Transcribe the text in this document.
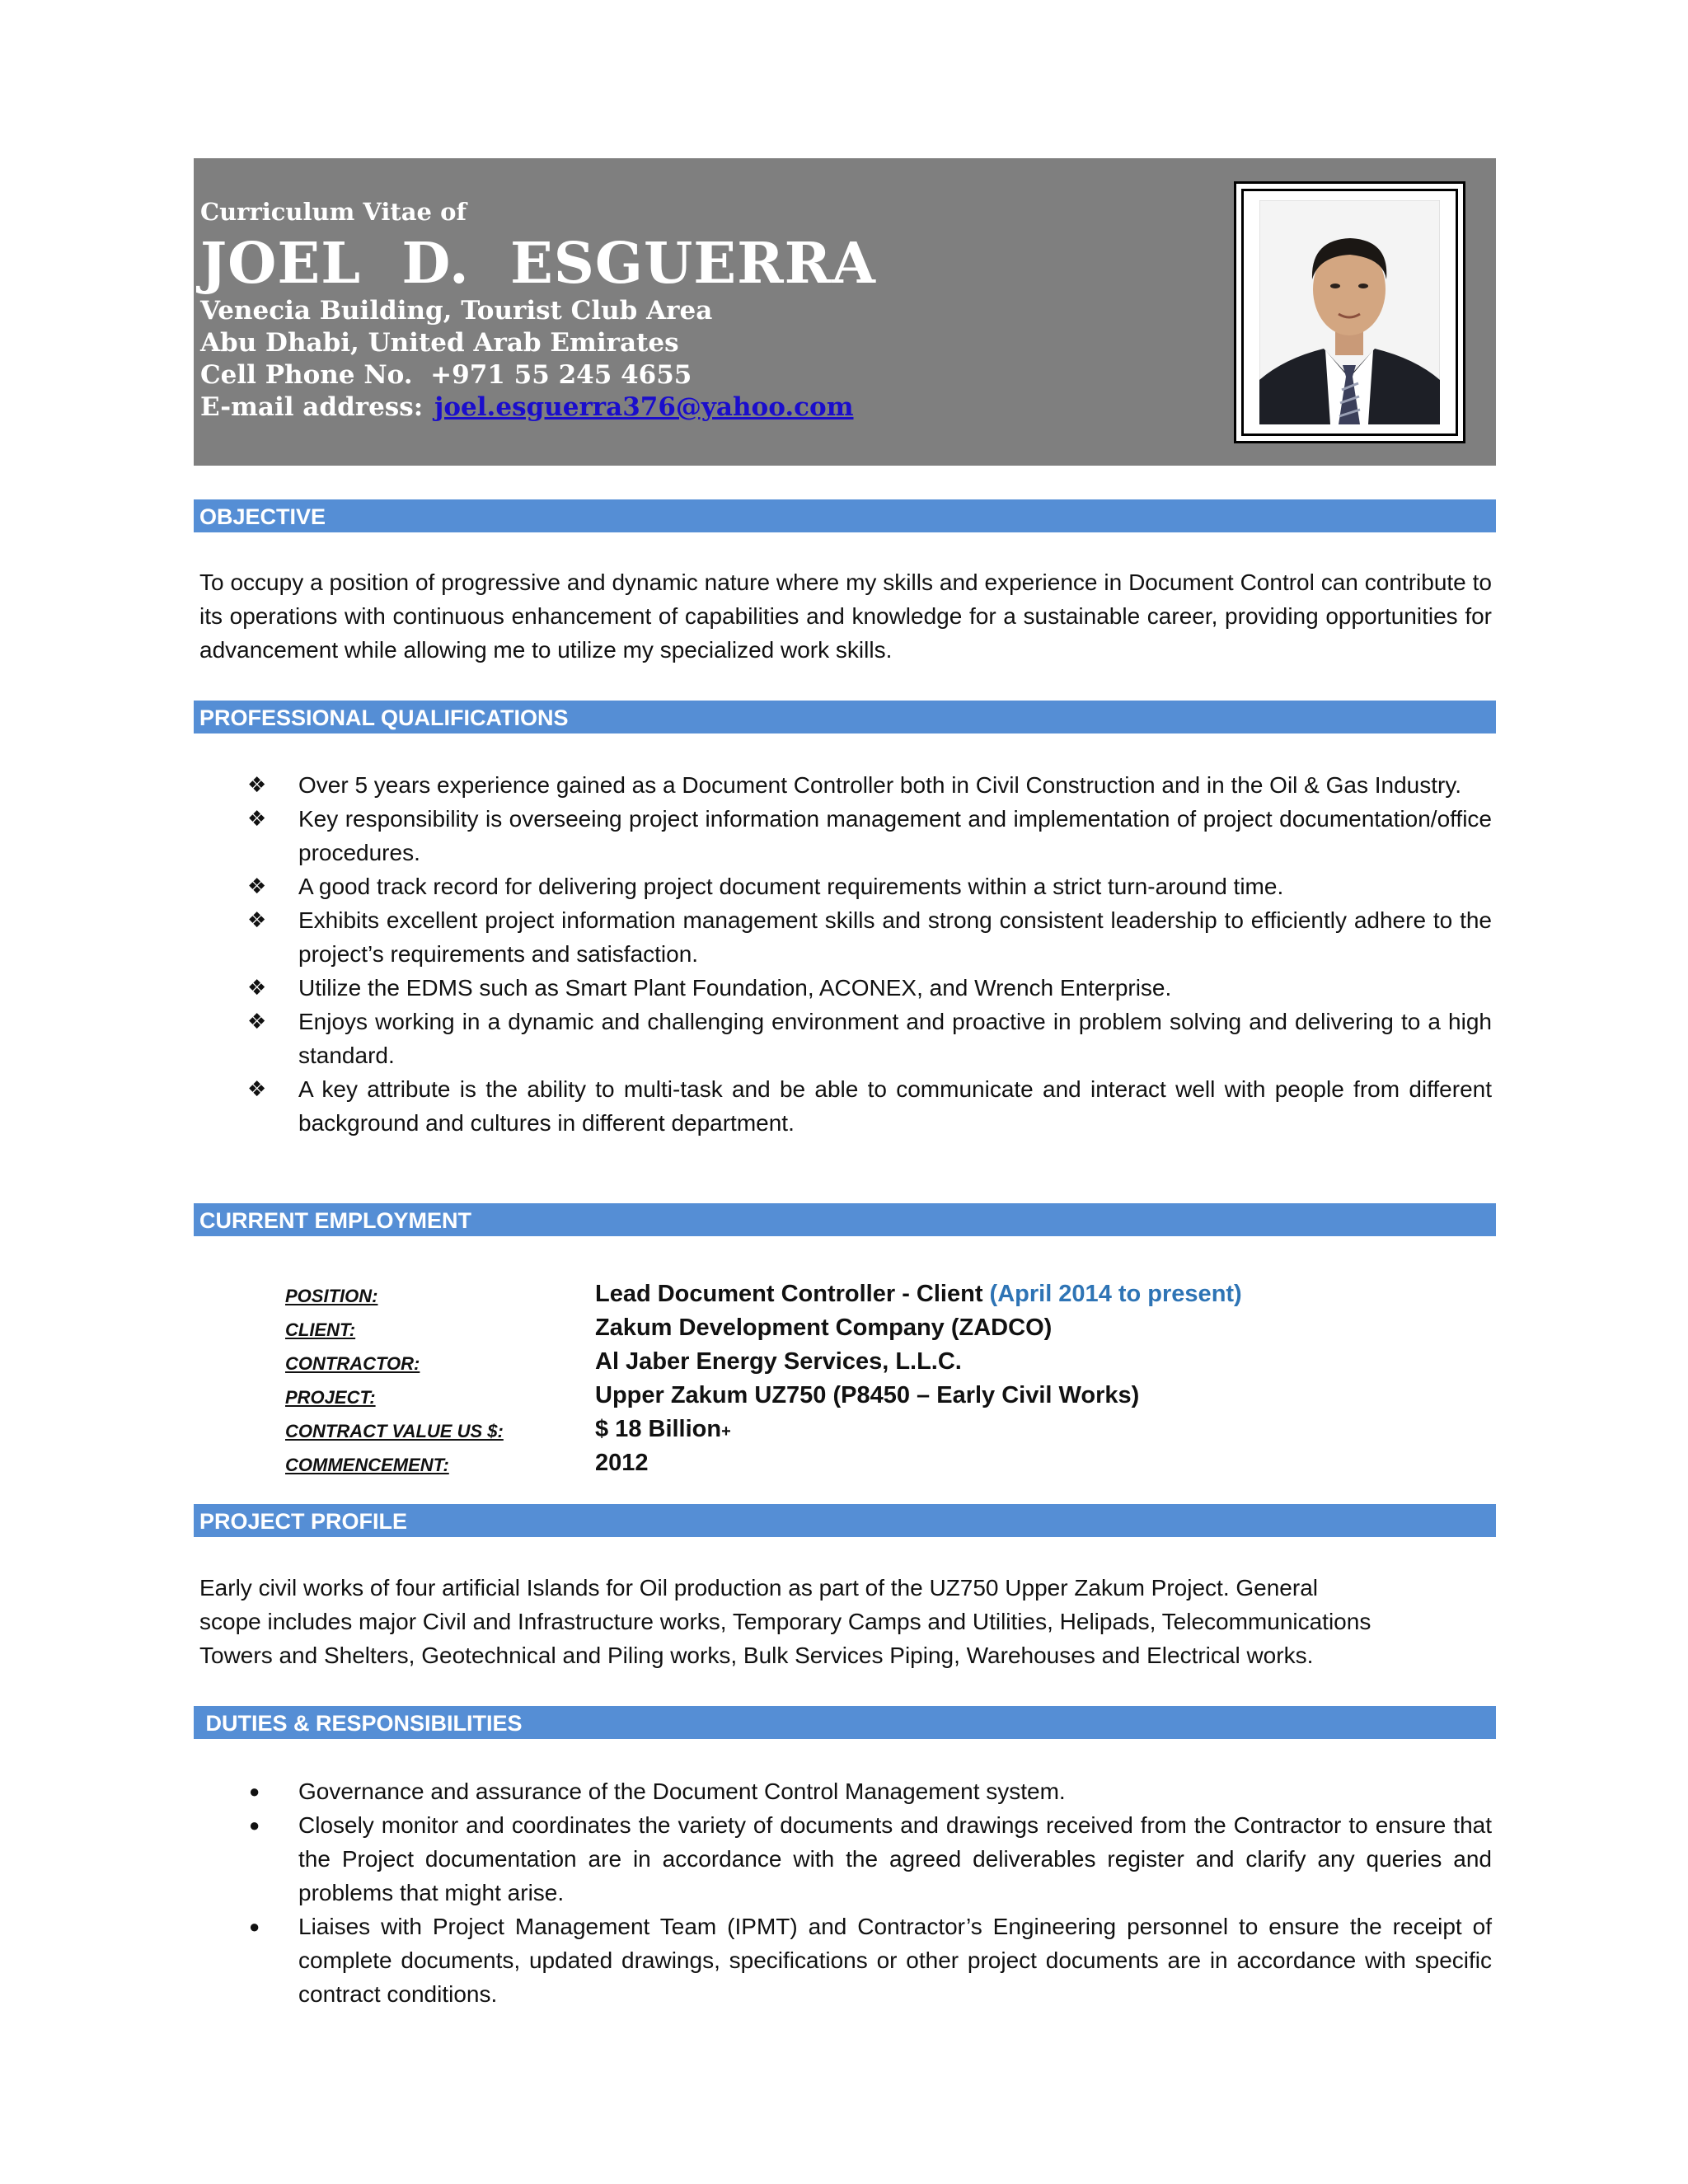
Curriculum Vitae of
JOEL  D.  ESGUERRA
Venecia Building, Tourist Club Area
Abu Dhabi, United Arab Emirates
Cell Phone No.  +971 55 245 4655
E-mail address: joel.esguerra376@yahoo.com
OBJECTIVE
To occupy a position of progressive and dynamic nature where my skills and experience in Document Control can contribute to its operations with continuous enhancement of capabilities and knowledge for a sustainable career, providing opportunities for advancement while allowing me to utilize my specialized work skills.
PROFESSIONAL QUALIFICATIONS
❖ Over 5 years experience gained as a Document Controller both in Civil Construction and in the Oil & Gas Industry.
❖ Key responsibility is overseeing project information management and implementation of project documentation/office procedures.
❖ A good track record for delivering project document requirements within a strict turn-around time.
❖ Exhibits excellent project information management skills and strong consistent leadership to efficiently adhere to the project’s requirements and satisfaction.
❖ Utilize the EDMS such as Smart Plant Foundation, ACONEX, and Wrench Enterprise.
❖ Enjoys working in a dynamic and challenging environment and proactive in problem solving and delivering to a high standard.
❖ A key attribute is the ability to multi-task and be able to communicate and interact well with people from different background and cultures in different department.
CURRENT EMPLOYMENT
POSITION:	Lead Document Controller - Client (April 2014 to present)
CLIENT:	Zakum Development Company (ZADCO)
CONTRACTOR:	Al Jaber Energy Services, L.L.C.
PROJECT:	Upper Zakum UZ750 (P8450 – Early Civil Works)
CONTRACT VALUE US $:	$ 18 Billion+
COMMENCEMENT:	2012
PROJECT PROFILE
Early civil works of four artificial Islands for Oil production as part of the UZ750 Upper Zakum Project. General
scope includes major Civil and Infrastructure works, Temporary Camps and Utilities, Helipads, Telecommunications
Towers and Shelters, Geotechnical and Piling works, Bulk Services Piping, Warehouses and Electrical works.
DUTIES & RESPONSIBILITIES
● Governance and assurance of the Document Control Management system.
● Closely monitor and coordinates the variety of documents and drawings received from the Contractor to ensure that the Project documentation are in accordance with the agreed deliverables register and clarify any queries and problems that might arise.
● Liaises with Project Management Team (IPMT) and Contractor’s Engineering personnel to ensure the receipt of complete documents, updated drawings, specifications or other project documents are in accordance with specific contract conditions.
